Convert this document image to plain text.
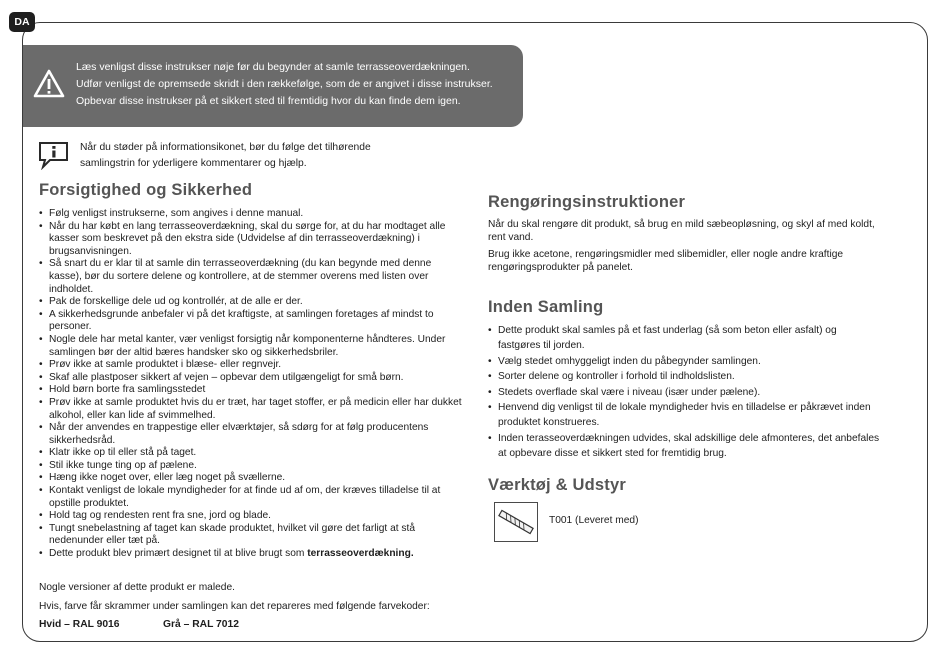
DA
Læs venligst disse instrukser nøje før du begynder at samle terrasseoverdækningen.
Udfør venligst de opremsede skridt i den rækkefølge, som de er angivet i disse instrukser.
Opbevar disse instrukser på et sikkert sted til fremtidig hvor du kan finde dem igen.
Når du støder på informationsikonet, bør du følge det tilhørende
samlingstrin for yderligere kommentarer og hjælp.
Forsigtighed og Sikkerhed
• Følg venligst instrukserne, som angives i denne manual.
• Når du har købt en lang terrasseoverdækning, skal du sørge for, at du har modtaget alle kasser som beskrevet på den ekstra side (Udvidelse af din terrasseoverdækning) i brugsanvisningen.
• Så snart du er klar til at samle din terrasseoverdækning (du kan begynde med denne kasse), bør du sortere delene og kontrollere, at de stemmer overens med listen over indholdet.
• Pak de forskellige dele ud og kontrollér, at de alle er der.
• A sikkerhedsgrunde anbefaler vi på det kraftigste, at samlingen foretages af mindst to personer.
• Nogle dele har metal kanter, vær venligst forsigtig når komponenterne håndteres. Under samlingen bør der altid bæres handsker sko og sikkerhedsbriler.
• Prøv ikke at samle produktet i blæse- eller regnvejr.
• Skaf alle plastposer sikkert af vejen – opbevar dem utilgængeligt for små børn.
• Hold børn borte fra samlingsstedet
• Prøv ikke at samle produktet hvis du er træt, har taget stoffer, er på medicin eller har dukket alkohol, eller kan lide af svimmelhed.
• Når der anvendes en trappestige eller elværktøjer, så sdørg for at følg producentens sikkerhedsråd.
• Klatr ikke op til eller stå på taget.
• Stil ikke tunge ting op af pælene.
• Hæng ikke noget over, eller læg noget på svællerne.
• Kontakt venligst de lokale myndigheder for at finde ud af om, der kræves tilladelse til at opstille produktet.
• Hold tag og rendesten rent fra sne, jord og blade.
• Tungt snebelastning af taget kan skade produktet, hvilket vil gøre det farligt at stå nedenunder eller tæt på.
• Dette produkt blev primært designet til at blive brugt som terrasseoverdækning.
Nogle versioner af dette produkt er malede.
Hvis, farve får skrammer under samlingen kan det repareres med følgende farvekoder:
Hvid – RAL 9016	Grå – RAL 7012
Rengøringsinstruktioner
Når du skal rengøre dit produkt, så brug en mild sæbeopløsning, og skyl af med koldt, rent vand.
Brug ikke acetone, rengøringsmidler med slibemidler, eller nogle andre kraftige rengøringsprodukter på panelet.
Inden Samling
• Dette produkt skal samles på et fast underlag (så som beton eller asfalt) og fastgøres til jorden.
• Vælg stedet omhyggeligt inden du påbegynder samlingen.
• Sorter delene og kontroller i forhold til indholdslisten.
• Stedets overflade skal være i niveau (især under pælene).
• Henvend dig venligst til de lokale myndigheder hvis en tilladelse er påkrævet inden produktet konstrueres.
• Inden terasseoverdækningen udvides, skal adskillige dele afmonteres, det anbefales at opbevare disse et sikkert sted for fremtidig brug.
Værktøj & Udstyr
T001 (Leveret med)
